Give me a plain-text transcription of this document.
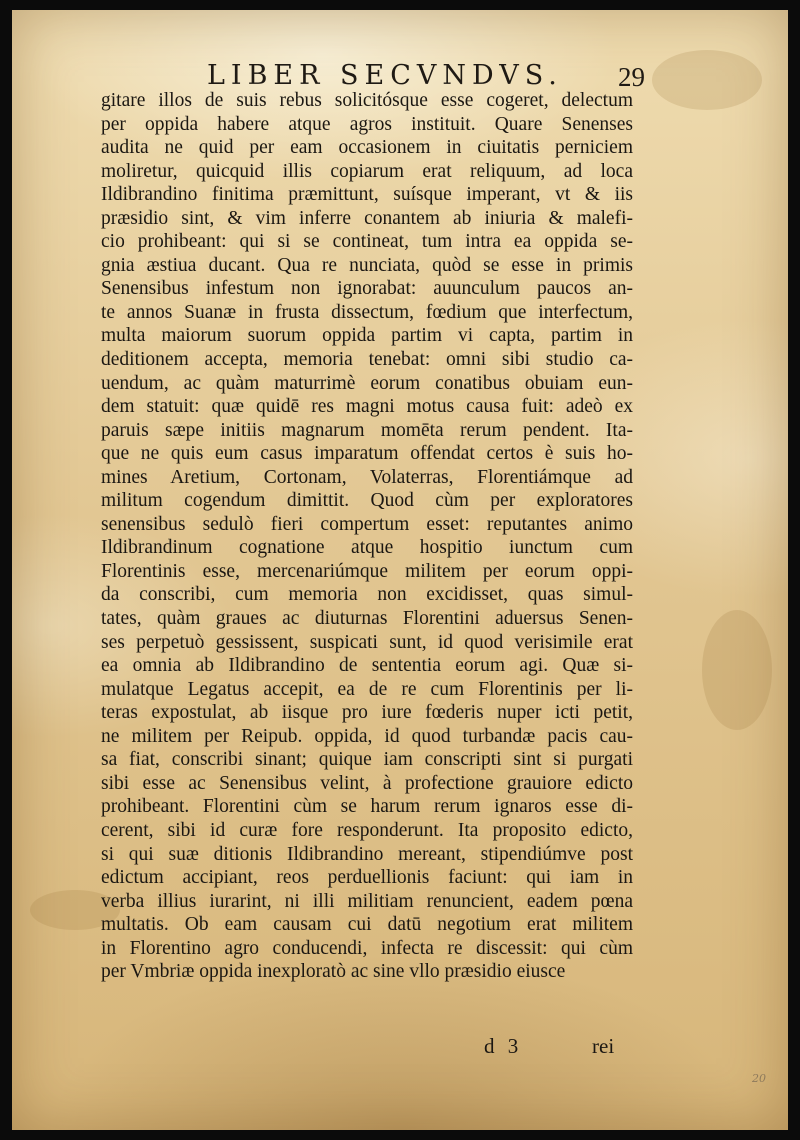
LIBER SECVNDVS. 29
gitare illos de suis rebus solicitósque esse cogeret, delectum
per oppida habere atque agros instituit. Quare Senenses
audita ne quid per eam occasionem in ciuitatis perniciem
moliretur, quicquid illis copiarum erat reliquum, ad loca
Ildibrandino finitima præmittunt, suísque imperant, vt & iis
præsidio sint, & vim inferre conantem ab iniuria & malefi-
cio prohibeant: qui si se contineat, tum intra ea oppida se-
gnia æstiua ducant. Qua re nunciata, quòd se esse in primis
Senensibus infestum non ignorabat: auunculum paucos an-
te annos Suanæ in frusta dissectum, fœdium que interfectum,
multa maiorum suorum oppida partim vi capta, partim in
deditionem accepta, memoria tenebat: omni sibi studio ca-
uendum, ac quàm maturrimè eorum conatibus obuiam eun-
dem statuit: quæ quidē res magni motus causa fuit: adeò ex
paruis sæpe initiis magnarum momēta rerum pendent. Ita-
que ne quis eum casus imparatum offendat certos è suis ho-
mines Aretium, Cortonam, Volaterras, Florentiámque ad
militum cogendum dimittit. Quod cùm per exploratores
senensibus sedulò fieri compertum esset: reputantes animo
Ildibrandinum cognatione atque hospitio iunctum cum
Florentinis esse, mercenariúmque militem per eorum oppi-
da conscribi, cum memoria non excidisset, quas simul-
tates, quàm graues ac diuturnas Florentini aduersus Senen-
ses perpetuò gessissent, suspicati sunt, id quod verisimile erat
ea omnia ab Ildibrandino de sententia eorum agi. Quæ si-
mulatque Legatus accepit, ea de re cum Florentinis per li-
teras expostulat, ab iisque pro iure fœderis nuper icti petit,
ne militem per Reipub. oppida, id quod turbandæ pacis cau-
sa fiat, conscribi sinant; quique iam conscripti sint si purgati
sibi esse ac Senensibus velint, à profectione grauiore edicto
prohibeant. Florentini cùm se harum rerum ignaros esse di-
cerent, sibi id curæ fore responderunt. Ita proposito edicto,
si qui suæ ditionis Ildibrandino mereant, stipendiúmve post
edictum accipiant, reos perduellionis faciunt: qui iam in
verba illius iurarint, ni illi militiam renuncient, eadem pœna
multatis. Ob eam causam cui datū negotium erat militem
in Florentino agro conducendi, infecta re discessit: qui cùm
per Vmbriæ oppida inexploratò ac sine vllo præsidio eiusce
d 3	rei
20
